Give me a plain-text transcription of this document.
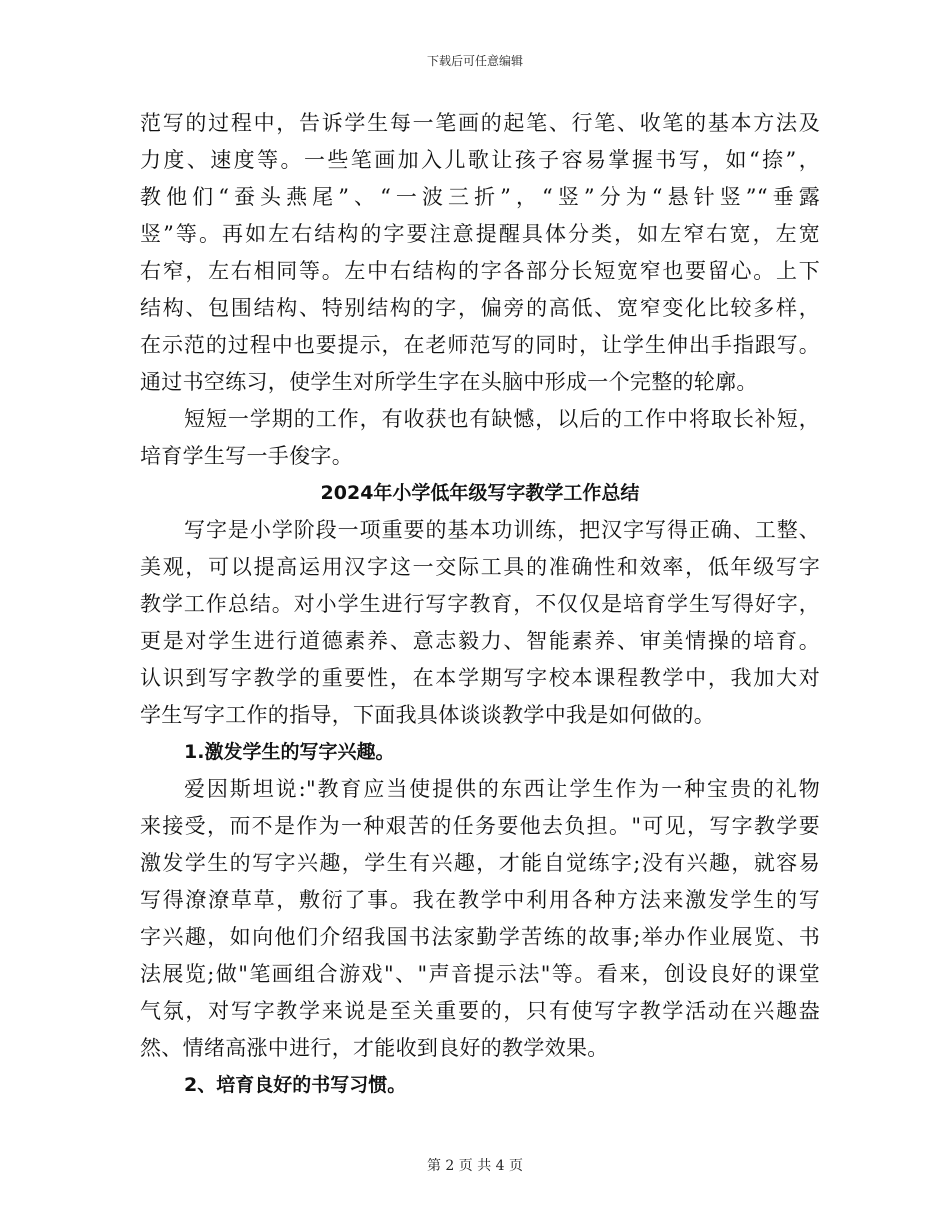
下载后可任意编辑
范写的过程中，告诉学生每一笔画的起笔、行笔、收笔的基本方法及
力度、速度等。一些笔画加入儿歌让孩子容易掌握书写，如“捺”，
教他们“蚕头燕尾”、“一波三折”，“竖”分为“悬针竖”“垂露
竖”等。再如左右结构的字要注意提醒具体分类，如左窄右宽，左宽
右窄，左右相同等。左中右结构的字各部分长短宽窄也要留心。上下
结构、包围结构、特别结构的字，偏旁的高低、宽窄变化比较多样，
在示范的过程中也要提示，在老师范写的同时，让学生伸出手指跟写。
通过书空练习，使学生对所学生字在头脑中形成一个完整的轮廓。
短短一学期的工作，有收获也有缺憾，以后的工作中将取长补短，
培育学生写一手俊字。
2024年小学低年级写字教学工作总结
写字是小学阶段一项重要的基本功训练，把汉字写得正确、工整、
美观，可以提高运用汉字这一交际工具的准确性和效率，低年级写字
教学工作总结。对小学生进行写字教育，不仅仅是培育学生写得好字，
更是对学生进行道德素养、意志毅力、智能素养、审美情操的培育。
认识到写字教学的重要性，在本学期写字校本课程教学中，我加大对
学生写字工作的指导，下面我具体谈谈教学中我是如何做的。
1.激发学生的写字兴趣。
爱因斯坦说:"教育应当使提供的东西让学生作为一种宝贵的礼物
来接受，而不是作为一种艰苦的任务要他去负担。"可见，写字教学要
激发学生的写字兴趣，学生有兴趣，才能自觉练字;没有兴趣，就容易
写得潦潦草草，敷衍了事。我在教学中利用各种方法来激发学生的写
字兴趣，如向他们介绍我国书法家勤学苦练的故事;举办作业展览、书
法展览;做"笔画组合游戏"、"声音提示法"等。看来，创设良好的课堂
气氛，对写字教学来说是至关重要的，只有使写字教学活动在兴趣盎
然、情绪高涨中进行，才能收到良好的教学效果。
2、培育良好的书写习惯。
第 2 页 共 4 页
